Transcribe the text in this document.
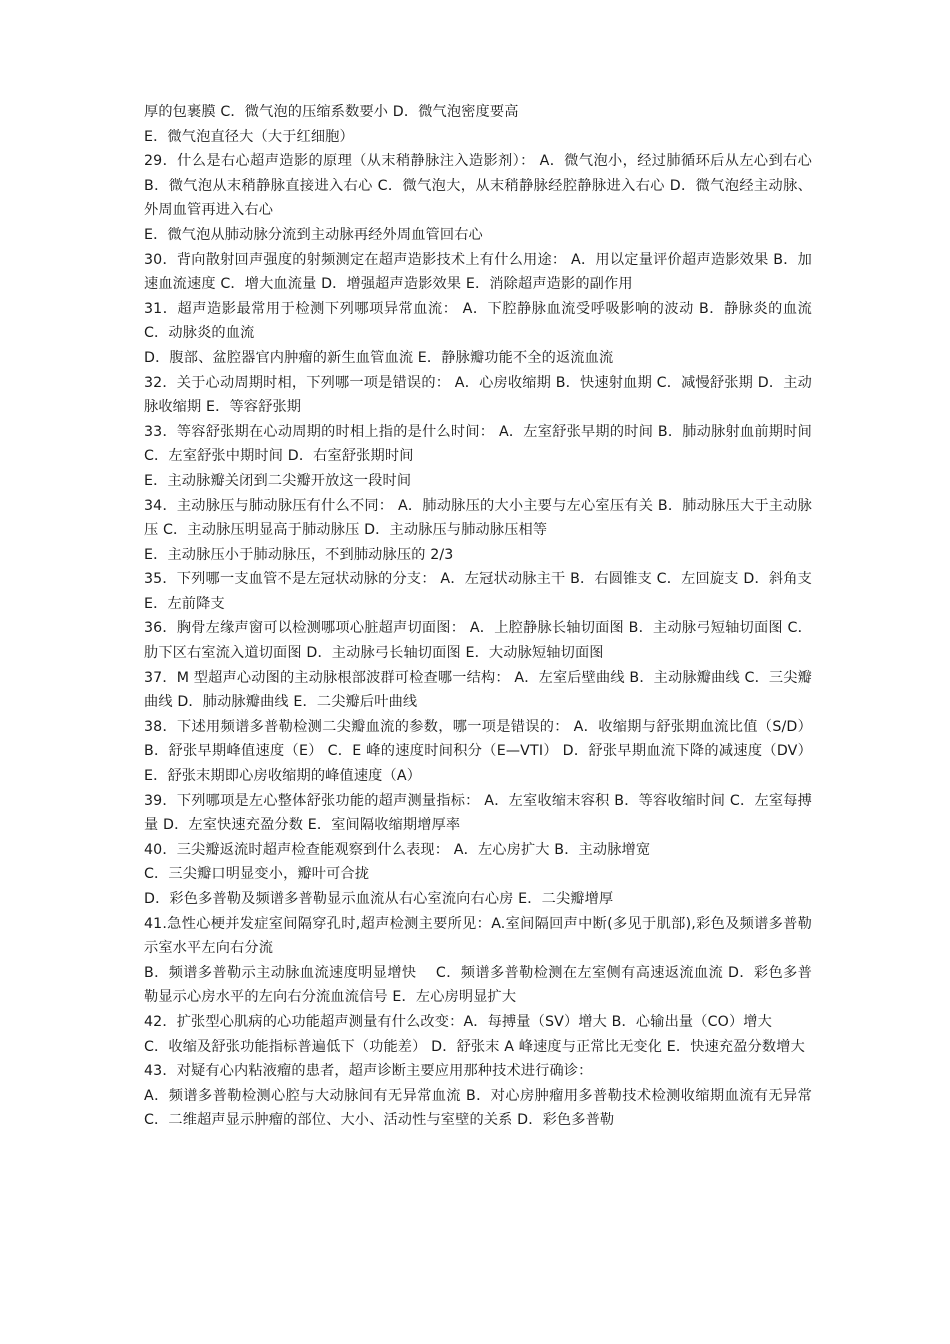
厚的包裹膜 C．微气泡的压缩系数要小 D．微气泡密度要高

E．微气泡直径大（大于红细胞）

29．什么是右心超声造影的原理（从末稍静脉注入造影剂）： A．微气泡小，经过肺循环后从左心到右心 B．微气泡从末稍静脉直接进入右心 C．微气泡大，从末稍静脉经腔静脉进入右心 D．微气泡经主动脉、外周血管再进入右心

E．微气泡从肺动脉分流到主动脉再经外周血管回右心

30．背向散射回声强度的射频测定在超声造影技术上有什么用途： A．用以定量评价超声造影效果 B．加速血流速度 C．增大血流量 D．增强超声造影效果 E．消除超声造影的副作用

31．超声造影最常用于检测下列哪项异常血流： A．下腔静脉血流受呼吸影响的波动 B．静脉炎的血流 C．动脉炎的血流

D．腹部、盆腔器官内肿瘤的新生血管血流 E．静脉瓣功能不全的返流血流

32．关于心动周期时相，下列哪一项是错误的： A．心房收缩期 B．快速射血期 C．减慢舒张期 D．主动脉收缩期 E．等容舒张期

33．等容舒张期在心动周期的时相上指的是什么时间： A．左室舒张早期的时间 B．肺动脉射血前期时间 C．左室舒张中期时间 D．右室舒张期时间

E．主动脉瓣关闭到二尖瓣开放这一段时间

34．主动脉压与肺动脉压有什么不同： A．肺动脉压的大小主要与左心室压有关 B．肺动脉压大于主动脉压 C．主动脉压明显高于肺动脉压 D．主动脉压与肺动脉压相等

E．主动脉压小于肺动脉压，不到肺动脉压的 2/3

35．下列哪一支血管不是左冠状动脉的分支： A．左冠状动脉主干 B．右圆锥支 C．左回旋支 D．斜角支 E．左前降支

36．胸骨左缘声窗可以检测哪项心脏超声切面图： A．上腔静脉长轴切面图 B．主动脉弓短轴切面图 C．肋下区右室流入道切面图 D．主动脉弓长轴切面图 E．大动脉短轴切面图

37．M 型超声心动图的主动脉根部波群可检查哪一结构： A．左室后壁曲线 B．主动脉瓣曲线 C．三尖瓣曲线 D．肺动脉瓣曲线 E．二尖瓣后叶曲线

38．下述用频谱多普勒检测二尖瓣血流的参数，哪一项是错误的： A．收缩期与舒张期血流比值（S/D） B．舒张早期峰值速度（E） C．E 峰的速度时间积分（E—VTI） D．舒张早期血流下降的减速度（DV）E．舒张末期即心房收缩期的峰值速度（A）

39．下列哪项是左心整体舒张功能的超声测量指标： A．左室收缩末容积 B．等容收缩时间 C．左室每搏量 D．左室快速充盈分数 E．室间隔收缩期增厚率

40．三尖瓣返流时超声检查能观察到什么表现： A．左心房扩大 B．主动脉增宽

C．三尖瓣口明显变小，瓣叶可合拢

D．彩色多普勒及频谱多普勒显示血流从右心室流向右心房 E．二尖瓣增厚

41.急性心梗并发症室间隔穿孔时,超声检测主要所见：A.室间隔回声中断(多见于肌部),彩色及频谱多普勒示室水平左向右分流

B．频谱多普勒示主动脉血流速度明显增快　 C．频谱多普勒检测在左室侧有高速返流血流 D．彩色多普勒显示心房水平的左向右分流血流信号 E．左心房明显扩大

42．扩张型心肌病的心功能超声测量有什么改变：A．每搏量（SV）增大 B．心输出量（CO）增大

C．收缩及舒张功能指标普遍低下（功能差） D．舒张末 A 峰速度与正常比无变化 E．快速充盈分数增大

43．对疑有心内粘液瘤的患者，超声诊断主要应用那种技术进行确诊：

A．频谱多普勒检测心腔与大动脉间有无异常血流 B．对心房肿瘤用多普勒技术检测收缩期血流有无异常 C．二维超声显示肿瘤的部位、大小、活动性与室壁的关系 D．彩色多普勒
